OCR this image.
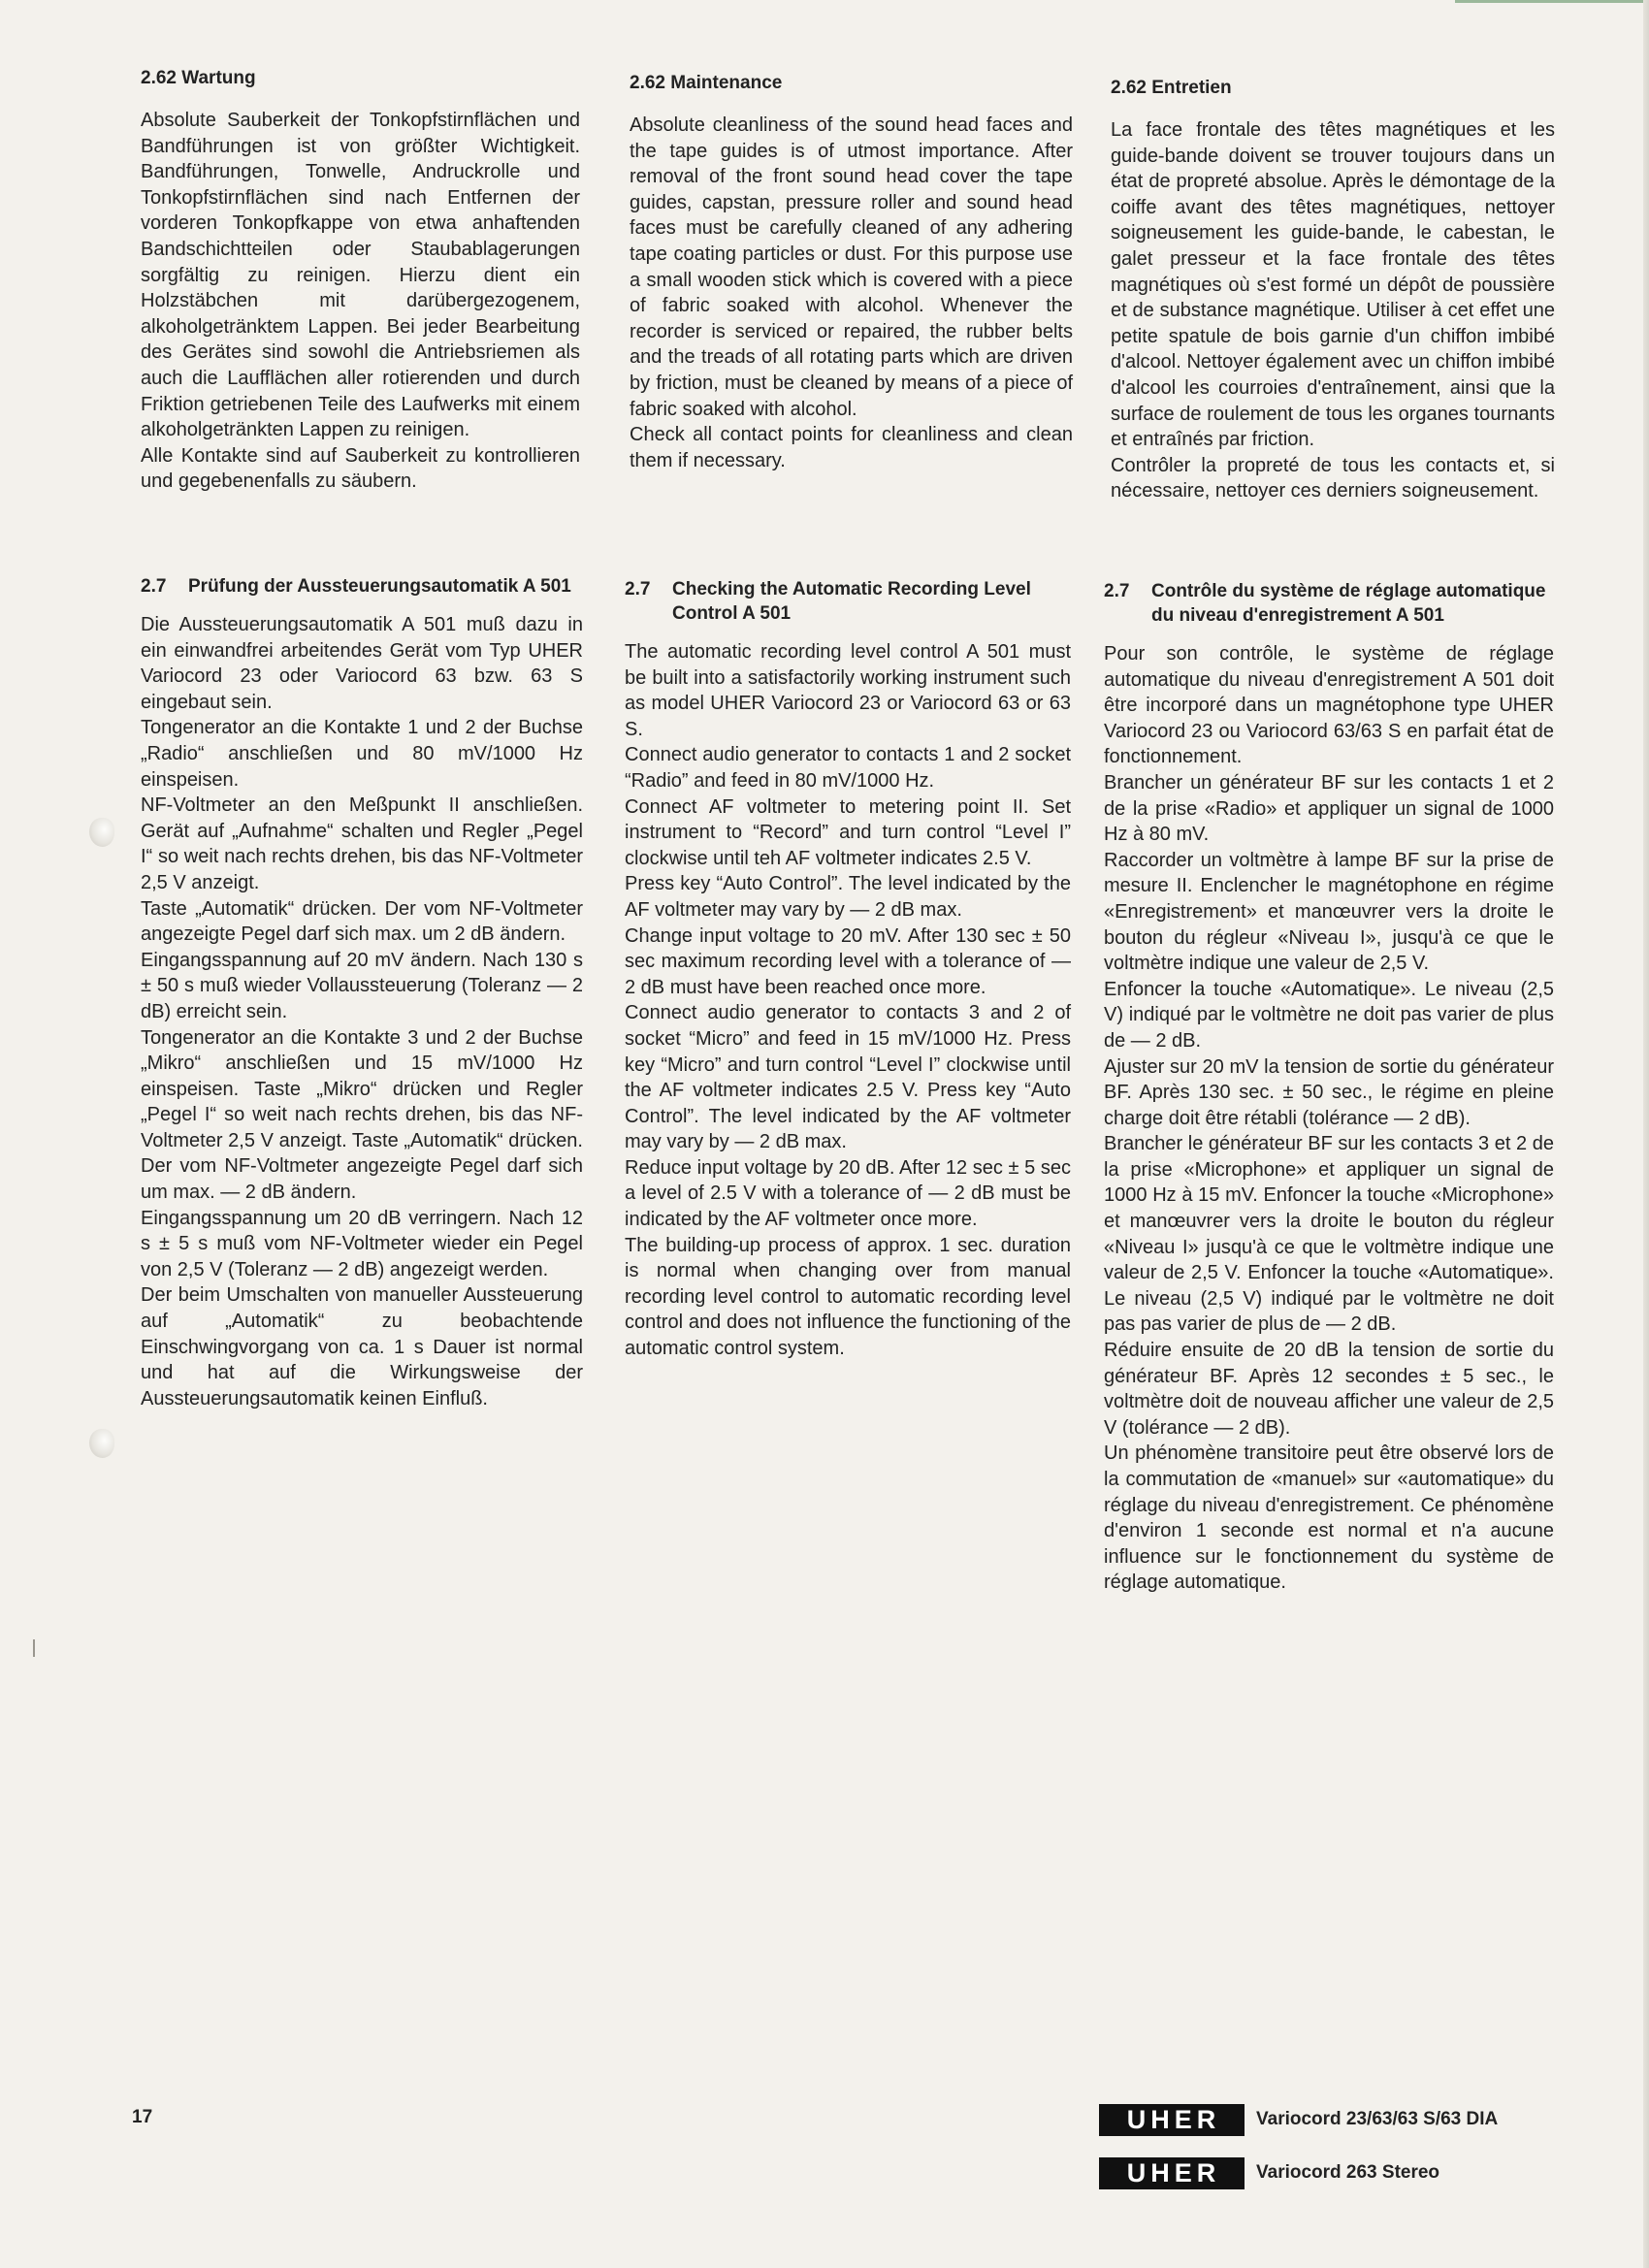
2.62 Wartung

Absolute Sauberkeit der Tonkopfstirnflächen und Bandführungen ist von größter Wichtigkeit. Bandführungen, Tonwelle, Andruckrolle und Tonkopfstirnflächen sind nach Entfernen der vorderen Tonkopfkappe von etwa anhaftenden Bandschichtteilen oder Staubablagerungen sorgfältig zu reinigen. Hierzu dient ein Holzstäbchen mit darübergezogenem, alkoholgetränktem Lappen. Bei jeder Bearbeitung des Gerätes sind sowohl die Antriebsriemen als auch die Laufflächen aller rotierenden und durch Friktion getriebenen Teile des Laufwerks mit einem alkoholgetränkten Lappen zu reinigen.

Alle Kontakte sind auf Sauberkeit zu kontrollieren und gegebenenfalls zu säubern.

2.62 Maintenance

Absolute cleanliness of the sound head faces and the tape guides is of utmost importance. After removal of the front sound head cover the tape guides, capstan, pressure roller and sound head faces must be carefully cleaned of any adhering tape coating particles or dust. For this purpose use a small wooden stick which is covered with a piece of fabric soaked with alcohol. Whenever the recorder is serviced or repaired, the rubber belts and the treads of all rotating parts which are driven by friction, must be cleaned by means of a piece of fabric soaked with alcohol.

Check all contact points for cleanliness and clean them if necessary.

2.62 Entretien

La face frontale des têtes magnétiques et les guide-bande doivent se trouver toujours dans un état de propreté absolue. Après le démontage de la coiffe avant des têtes magnétiques, nettoyer soigneusement les guide-bande, le cabestan, le galet presseur et la face frontale des têtes magnétiques où s'est formé un dépôt de poussière et de substance magnétique. Utiliser à cet effet une petite spatule de bois garnie d'un chiffon imbibé d'alcool. Nettoyer également avec un chiffon imbibé d'alcool les courroies d'entraînement, ainsi que la surface de roulement de tous les organes tournants et entraînés par friction.

Contrôler la propreté de tous les contacts et, si nécessaire, nettoyer ces derniers soigneusement.

2.7	Prüfung der Aussteuerungsautomatik A 501

Die Aussteuerungsautomatik A 501 muß dazu in ein einwandfrei arbeitendes Gerät vom Typ UHER Variocord 23 oder Variocord 63 bzw. 63 S eingebaut sein.

Tongenerator an die Kontakte 1 und 2 der Buchse „Radio“ anschließen und 80 mV/1000 Hz einspeisen.

NF-Voltmeter an den Meßpunkt II anschließen. Gerät auf „Aufnahme“ schalten und Regler „Pegel I“ so weit nach rechts drehen, bis das NF-Voltmeter 2,5 V anzeigt.

Taste „Automatik“ drücken. Der vom NF-Voltmeter angezeigte Pegel darf sich max. um 2 dB ändern.

Eingangsspannung auf 20 mV ändern. Nach 130 s ± 50 s muß wieder Vollaussteuerung (Toleranz — 2 dB) erreicht sein.

Tongenerator an die Kontakte 3 und 2 der Buchse „Mikro“ anschließen und 15 mV/1000 Hz einspeisen. Taste „Mikro“ drücken und Regler „Pegel I“ so weit nach rechts drehen, bis das NF-Voltmeter 2,5 V anzeigt. Taste „Automatik“ drücken. Der vom NF-Voltmeter angezeigte Pegel darf sich um max. — 2 dB ändern.

Eingangsspannung um 20 dB verringern. Nach 12 s ± 5 s muß vom NF-Voltmeter wieder ein Pegel von 2,5 V (Toleranz — 2 dB) angezeigt werden.

Der beim Umschalten von manueller Aussteuerung auf „Automatik“ zu beobachtende Einschwingvorgang von ca. 1 s Dauer ist normal und hat auf die Wirkungsweise der Aussteuerungsautomatik keinen Einfluß.

2.7	Checking the Automatic Recording Level Control A 501

The automatic recording level control A 501 must be built into a satisfactorily working instrument such as model UHER Variocord 23 or Variocord 63 or 63 S.

Connect audio generator to contacts 1 and 2 socket “Radio” and feed in 80 mV/1000 Hz.

Connect AF voltmeter to metering point II. Set instrument to “Record” and turn control “Level I” clockwise until teh AF voltmeter indicates 2.5 V.

Press key “Auto Control”. The level indicated by the AF voltmeter may vary by — 2 dB max.

Change input voltage to 20 mV. After 130 sec ± 50 sec maximum recording level with a tolerance of — 2 dB must have been reached once more.

Connect audio generator to contacts 3 and 2 of socket “Micro” and feed in 15 mV/1000 Hz. Press key “Micro” and turn control “Level I” clockwise until the AF voltmeter indicates 2.5 V. Press key “Auto Control”. The level indicated by the AF voltmeter may vary by — 2 dB max.

Reduce input voltage by 20 dB. After 12 sec ± 5 sec a level of 2.5 V with a tolerance of — 2 dB must be indicated by the AF voltmeter once more.

The building-up process of approx. 1 sec. duration is normal when changing over from manual recording level control to automatic recording level control and does not influence the functioning of the automatic control system.

2.7	Contrôle du système de réglage automatique du niveau d'enregistrement A 501

Pour son contrôle, le système de réglage automatique du niveau d'enregistrement A 501 doit être incorporé dans un magnétophone type UHER Variocord 23 ou Variocord 63/63 S en parfait état de fonctionnement.

Brancher un générateur BF sur les contacts 1 et 2 de la prise «Radio» et appliquer un signal de 1000 Hz à 80 mV.

Raccorder un voltmètre à lampe BF sur la prise de mesure II. Enclencher le magnétophone en régime «Enregistrement» et manœuvrer vers la droite le bouton du régleur «Niveau I», jusqu'à ce que le voltmètre indique une valeur de 2,5 V.

Enfoncer la touche «Automatique». Le niveau (2,5 V) indiqué par le voltmètre ne doit pas varier de plus de — 2 dB.

Ajuster sur 20 mV la tension de sortie du générateur BF. Après 130 sec. ± 50 sec., le régime en pleine charge doit être rétabli (tolérance — 2 dB).

Brancher le générateur BF sur les contacts 3 et 2 de la prise «Microphone» et appliquer un signal de 1000 Hz à 15 mV. Enfoncer la touche «Microphone» et manœuvrer vers la droite le bouton du régleur «Niveau I» jusqu'à ce que le voltmètre indique une valeur de 2,5 V. Enfoncer la touche «Automatique». Le niveau (2,5 V) indiqué par le voltmètre ne doit pas pas varier de plus de — 2 dB.

Réduire ensuite de 20 dB la tension de sortie du générateur BF. Après 12 secondes ± 5 sec., le voltmètre doit de nouveau afficher une valeur de 2,5 V (tolérance — 2 dB).

Un phénomène transitoire peut être observé lors de la commutation de «manuel» sur «automatique» du réglage du niveau d'enregistrement. Ce phénomène d'environ 1 seconde est normal et n'a aucune influence sur le fonctionnement du système de réglage automatique.

17	UHER	Variocord 23/63/63 S/63 DIA
UHER	Variocord 263 Stereo
